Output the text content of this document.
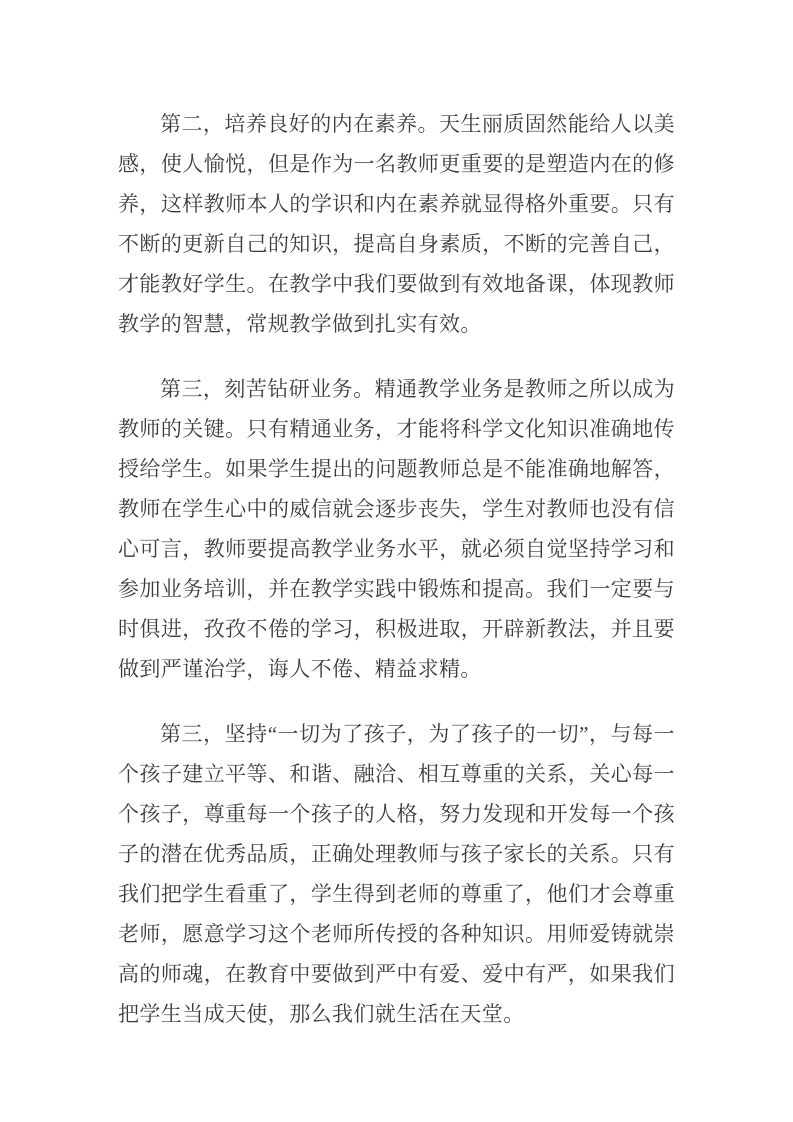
第二，培养良好的内在素养。天生丽质固然能给人以美感，使人愉悦，但是作为一名教师更重要的是塑造内在的修养，这样教师本人的学识和内在素养就显得格外重要。只有不断的更新自己的知识，提高自身素质，不断的完善自己，才能教好学生。在教学中我们要做到有效地备课，体现教师教学的智慧，常规教学做到扎实有效。

第三，刻苦钻研业务。精通教学业务是教师之所以成为教师的关键。只有精通业务，才能将科学文化知识准确地传授给学生。如果学生提出的问题教师总是不能准确地解答，教师在学生心中的威信就会逐步丧失，学生对教师也没有信心可言，教师要提高教学业务水平，就必须自觉坚持学习和参加业务培训，并在教学实践中锻炼和提高。我们一定要与时俱进，孜孜不倦的学习，积极进取，开辟新教法，并且要做到严谨治学，诲人不倦、精益求精。

第三，坚持“一切为了孩子，为了孩子的一切”，与每一个孩子建立平等、和谐、融洽、相互尊重的关系，关心每一个孩子，尊重每一个孩子的人格，努力发现和开发每一个孩子的潜在优秀品质，正确处理教师与孩子家长的关系。只有我们把学生看重了，学生得到老师的尊重了，他们才会尊重老师，愿意学习这个老师所传授的各种知识。用师爱铸就崇高的师魂，在教育中要做到严中有爱、爱中有严，如果我们把学生当成天使，那么我们就生活在天堂。
